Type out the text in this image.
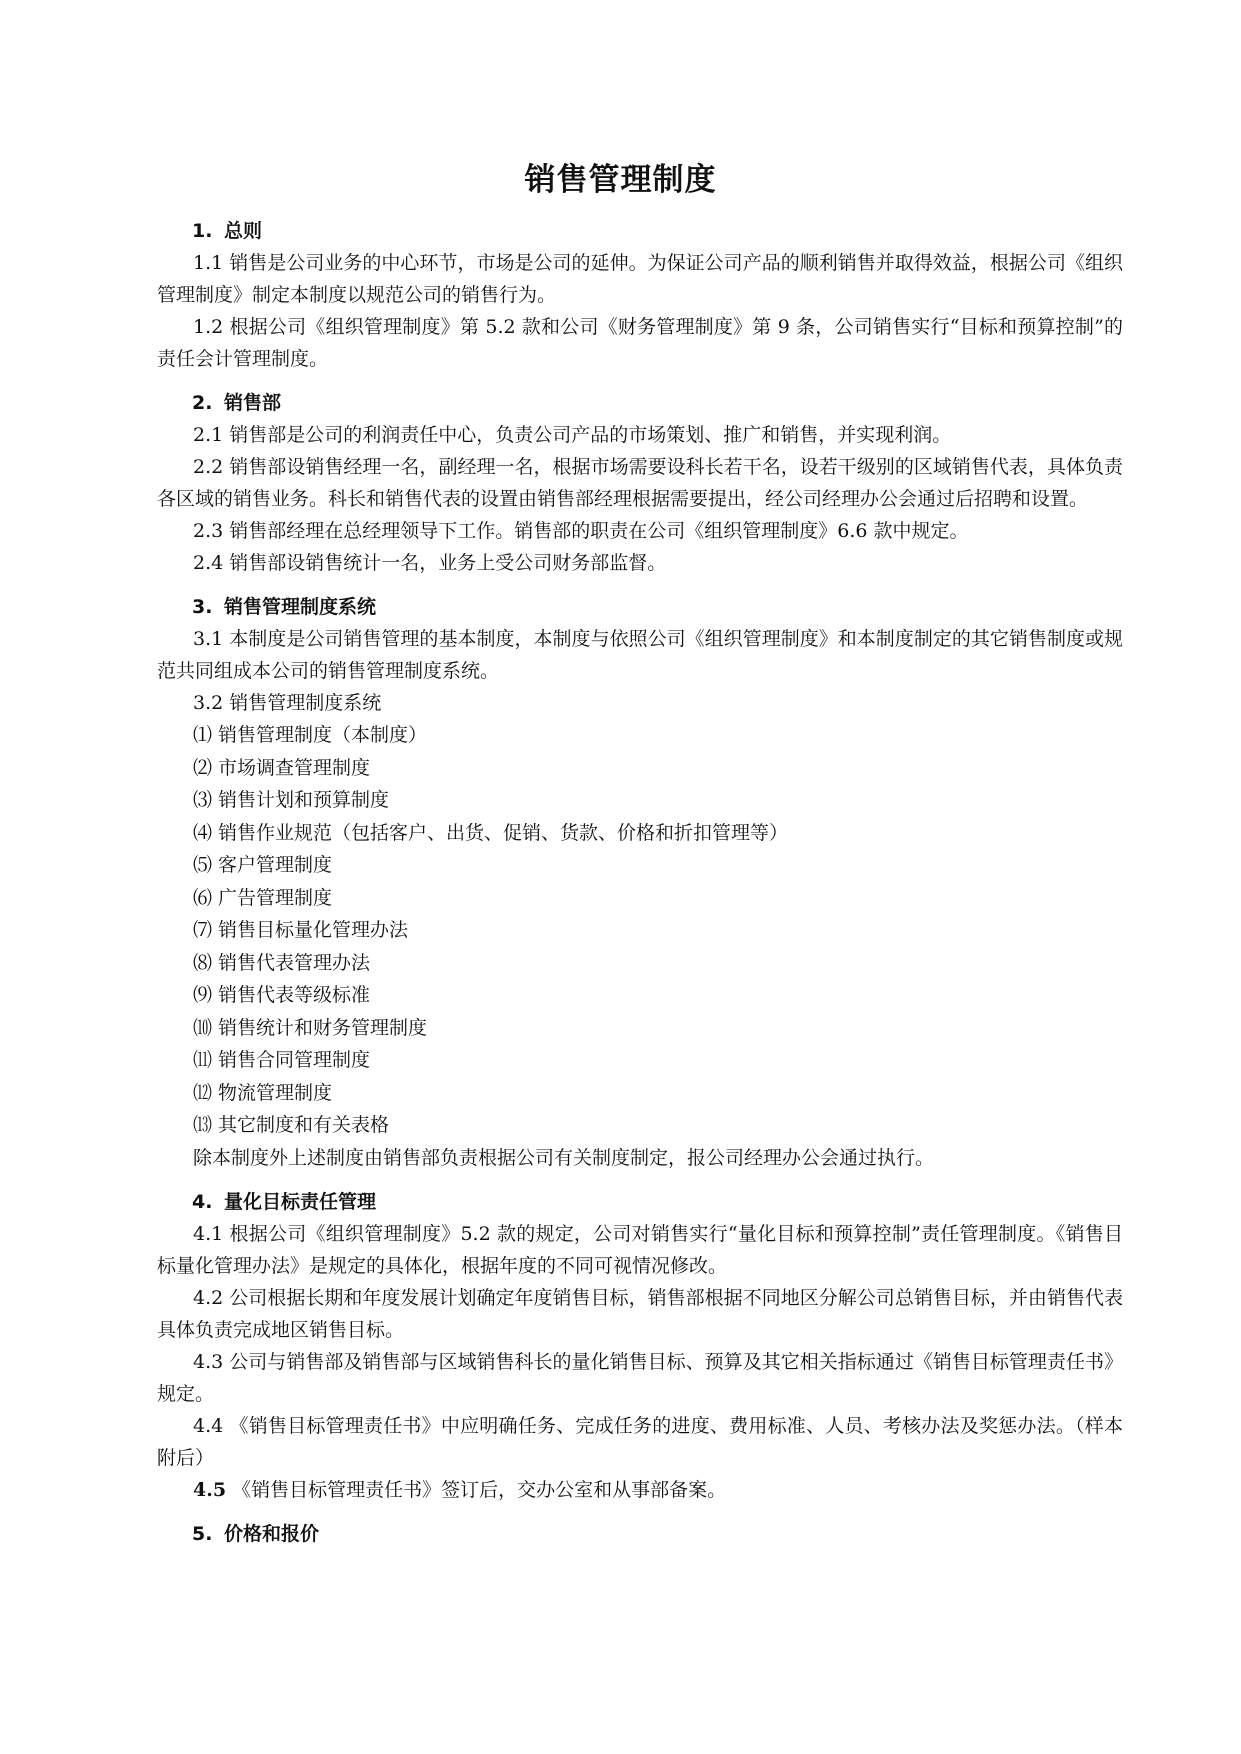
销售管理制度
1. 总则

1.1 销售是公司业务的中心环节，市场是公司的延伸。为保证公司产品的顺利销售并取得效益，根据公司《组织管理制度》制定本制度以规范公司的销售行为。

1.2 根据公司《组织管理制度》第 5.2 款和公司《财务管理制度》第 9 条，公司销售实行“目标和预算控制”的责任会计管理制度。

2. 销售部

2.1 销售部是公司的利润责任中心，负责公司产品的市场策划、推广和销售，并实现利润。

2.2 销售部设销售经理一名，副经理一名，根据市场需要设科长若干名，设若干级别的区域销售代表，具体负责各区域的销售业务。科长和销售代表的设置由销售部经理根据需要提出，经公司经理办公会通过后招聘和设置。

2.3 销售部经理在总经理领导下工作。销售部的职责在公司《组织管理制度》6.6 款中规定。

2.4 销售部设销售统计一名，业务上受公司财务部监督。

3. 销售管理制度系统

3.1 本制度是公司销售管理的基本制度，本制度与依照公司《组织管理制度》和本制度制定的其它销售制度或规范共同组成本公司的销售管理制度系统。

3.2 销售管理制度系统

⑴ 销售管理制度（本制度）

⑵ 市场调查管理制度

⑶ 销售计划和预算制度

⑷ 销售作业规范（包括客户、出货、促销、货款、价格和折扣管理等）

⑸ 客户管理制度

⑹ 广告管理制度

⑺ 销售目标量化管理办法

⑻ 销售代表管理办法

⑼ 销售代表等级标准

⑽ 销售统计和财务管理制度

⑾ 销售合同管理制度

⑿ 物流管理制度

⒀ 其它制度和有关表格

除本制度外上述制度由销售部负责根据公司有关制度制定，报公司经理办公会通过执行。

4. 量化目标责任管理

4.1 根据公司《组织管理制度》5.2 款的规定，公司对销售实行“量化目标和预算控制”责任管理制度。《销售目标量化管理办法》是规定的具体化，根据年度的不同可视情况修改。

4.2 公司根据长期和年度发展计划确定年度销售目标，销售部根据不同地区分解公司总销售目标，并由销售代表具体负责完成地区销售目标。

4.3 公司与销售部及销售部与区域销售科长的量化销售目标、预算及其它相关指标通过《销售目标管理责任书》规定。

4.4 《销售目标管理责任书》中应明确任务、完成任务的进度、费用标准、人员、考核办法及奖惩办法。（样本附后）

4.5 《销售目标管理责任书》签订后，交办公室和从事部备案。

5. 价格和报价
